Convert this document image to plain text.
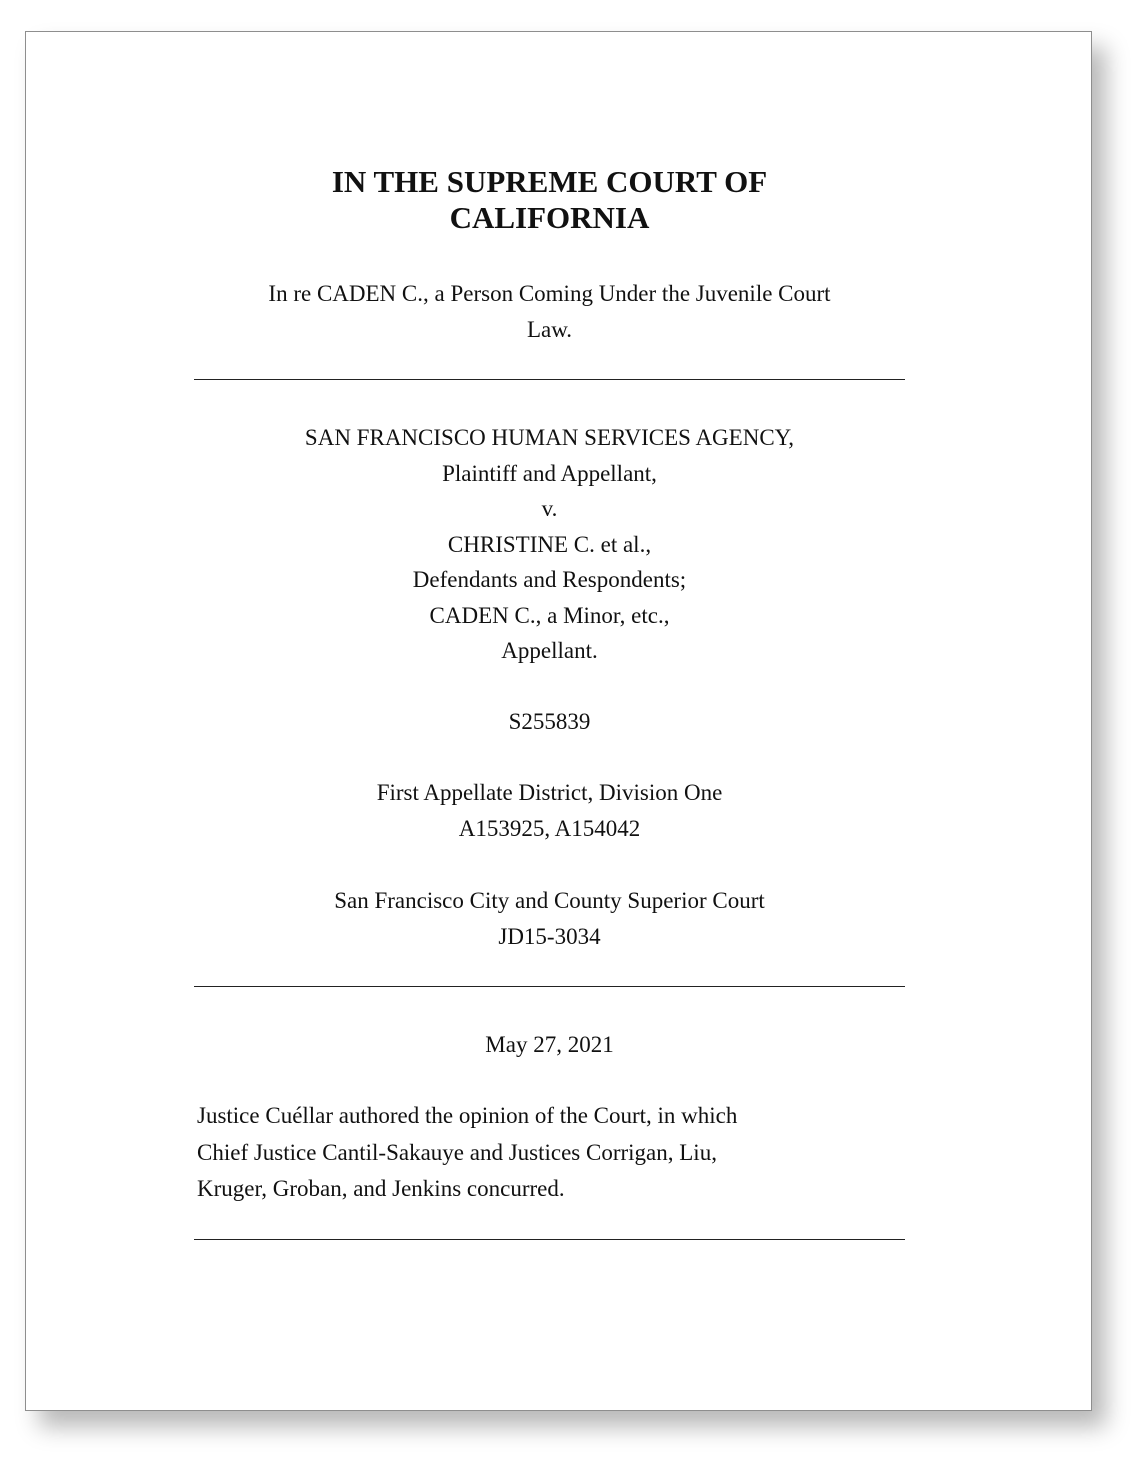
IN THE SUPREME COURT OF
CALIFORNIA
In re CADEN C., a Person Coming Under the Juvenile Court
Law.
SAN FRANCISCO HUMAN SERVICES AGENCY,
Plaintiff and Appellant,
v.
CHRISTINE C. et al.,
Defendants and Respondents;
CADEN C., a Minor, etc.,
Appellant.
S255839
First Appellate District, Division One
A153925, A154042
San Francisco City and County Superior Court
JD15-3034
May 27, 2021
Justice Cuéllar authored the opinion of the Court, in which
Chief Justice Cantil-Sakauye and Justices Corrigan, Liu,
Kruger, Groban, and Jenkins concurred.
